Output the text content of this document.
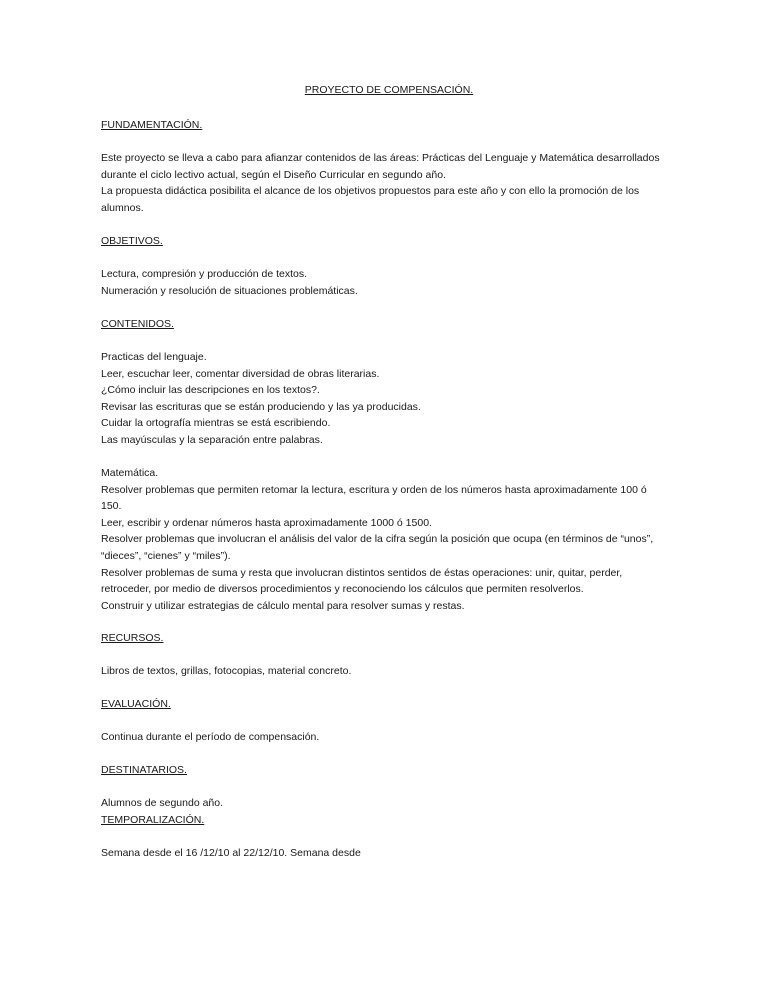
PROYECTO DE COMPENSACIÓN.

FUNDAMENTACIÓN.

Este proyecto se lleva a cabo para afianzar contenidos de las áreas: Prácticas del Lenguaje y Matemática desarrollados
durante el ciclo lectivo actual, según el Diseño Curricular en segundo año.
La propuesta didáctica posibilita el alcance de los objetivos propuestos para este año y con ello la promoción de los
alumnos.

OBJETIVOS.

Lectura, compresión y producción de textos.
Numeración y resolución de situaciones problemáticas.

CONTENIDOS.

Practicas del lenguaje.
Leer, escuchar leer, comentar diversidad de obras literarias.
¿Cómo incluir las descripciones en los textos?.
Revisar las escrituras que se están produciendo y las ya producidas.
Cuidar la ortografía mientras se está escribiendo.
Las mayúsculas y la separación entre palabras.

Matemática.
Resolver problemas que permiten retomar la lectura, escritura y orden de los números hasta aproximadamente 100 ó
150.
Leer, escribir y ordenar números hasta aproximadamente 1000 ó 1500.
Resolver problemas que involucran el análisis del valor de la cifra según la posición que ocupa (en términos de “unos”,
“dieces”, “cienes” y “miles”).
Resolver problemas de suma y resta que involucran distintos sentidos de éstas operaciones: unir, quitar, perder,
retroceder, por medio de diversos procedimientos y reconociendo los cálculos que permiten resolverlos.
Construir y utilizar estrategias de cálculo mental para resolver sumas y restas.

RECURSOS.

Libros de textos, grillas, fotocopias, material concreto.

EVALUACIÓN.

Continua durante el período de compensación.

DESTINATARIOS.

Alumnos de segundo año.

TEMPORALIZACIÓN.

Semana desde el 16 /12/10 al 22/12/10. Semana desde
